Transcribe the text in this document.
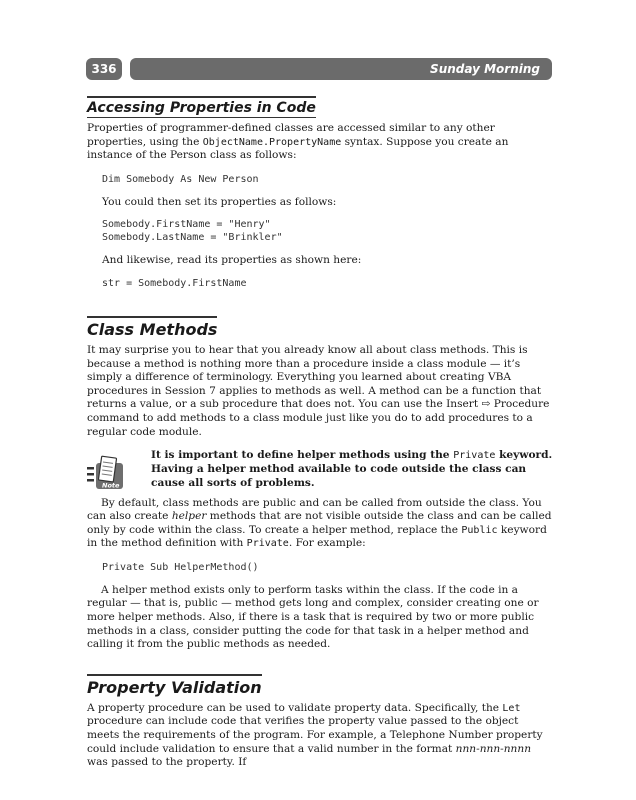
336	Sunday Morning
Accessing Properties in Code

Properties of programmer-defined classes are accessed similar to any other properties, using the ObjectName.PropertyName syntax. Suppose you create an instance of the Person class as follows:

Dim Somebody As New Person

You could then set its properties as follows:

Somebody.FirstName = "Henry"
Somebody.LastName = "Brinkler"

And likewise, read its properties as shown here:

str = Somebody.FirstName
Class Methods

It may surprise you to hear that you already know all about class methods. This is because a method is nothing more than a procedure inside a class module — it’s simply a difference of terminology. Everything you learned about creating VBA procedures in Session 7 applies to methods as well. A method can be a function that returns a value, or a sub procedure that does not. You can use the Insert ⇨ Procedure command to add methods to a class module just like you do to add procedures to a regular code module.

Note

It is important to define helper methods using the Private keyword. Having a helper method available to code outside the class can cause all sorts of problems.

By default, class methods are public and can be called from outside the class. You can also create helper methods that are not visible outside the class and can be called only by code within the class. To create a helper method, replace the Public keyword in the method definition with Private. For example:

Private Sub HelperMethod()

A helper method exists only to perform tasks within the class. If the code in a regular — that is, public — method gets long and complex, consider creating one or more helper methods. Also, if there is a task that is required by two or more public methods in a class, consider putting the code for that task in a helper method and calling it from the public methods as needed.

Property Validation

A property procedure can be used to validate property data. Specifically, the Let procedure can include code that verifies the property value passed to the object meets the requirements of the program. For example, a Telephone Number property could include validation to ensure that a valid number in the format nnn-nnn-nnnn was passed to the property. If
